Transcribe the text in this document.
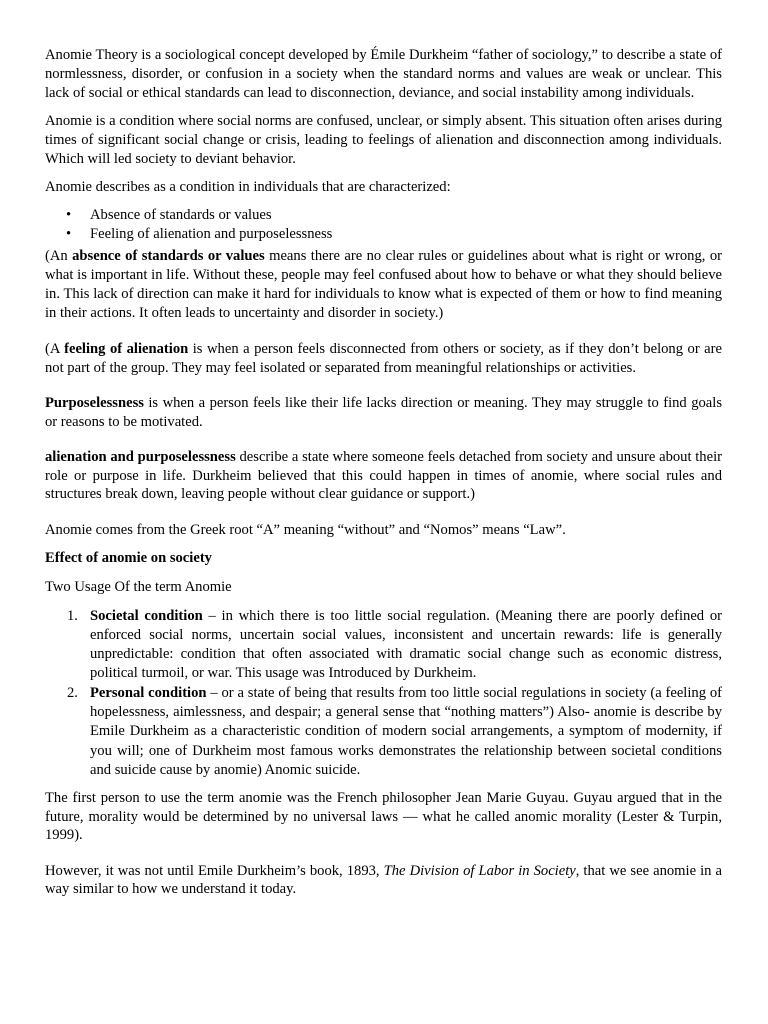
Anomie Theory is a sociological concept developed by Émile Durkheim “father of sociology,” to describe a state of normlessness, disorder, or confusion in a society when the standard norms and values are weak or unclear. This lack of social or ethical standards can lead to disconnection, deviance, and social instability among individuals.

Anomie is a condition where social norms are confused, unclear, or simply absent. This situation often arises during times of significant social change or crisis, leading to feelings of alienation and disconnection among individuals. Which will led society to deviant behavior.

Anomie describes as a condition in individuals that are characterized:

• Absence of standards or values
• Feeling of alienation and purposelessness

(An absence of standards or values means there are no clear rules or guidelines about what is right or wrong, or what is important in life. Without these, people may feel confused about how to behave or what they should believe in. This lack of direction can make it hard for individuals to know what is expected of them or how to find meaning in their actions. It often leads to uncertainty and disorder in society.)

(A feeling of alienation is when a person feels disconnected from others or society, as if they don’t belong or are not part of the group. They may feel isolated or separated from meaningful relationships or activities.

Purposelessness is when a person feels like their life lacks direction or meaning. They may struggle to find goals or reasons to be motivated.

alienation and purposelessness describe a state where someone feels detached from society and unsure about their role or purpose in life. Durkheim believed that this could happen in times of anomie, where social rules and structures break down, leaving people without clear guidance or support.)

Anomie comes from the Greek root “A” meaning “without” and “Nomos” means “Law”.

Effect of anomie on society

Two Usage Of the term Anomie

1. Societal condition – in which there is too little social regulation. (Meaning there are poorly defined or enforced social norms, uncertain social values, inconsistent and uncertain rewards: life is generally unpredictable: condition that often associated with dramatic social change such as economic distress, political turmoil, or war. This usage was Introduced by Durkheim.
2. Personal condition – or a state of being that results from too little social regulations in society (a feeling of hopelessness, aimlessness, and despair; a general sense that “nothing matters”) Also- anomie is describe by Emile Durkheim as a characteristic condition of modern social arrangements, a symptom of modernity, if you will; one of Durkheim most famous works demonstrates the relationship between societal conditions and suicide cause by anomie) Anomic suicide.

The first person to use the term anomie was the French philosopher Jean Marie Guyau. Guyau argued that in the future, morality would be determined by no universal laws — what he called anomic morality (Lester & Turpin, 1999).

However, it was not until Emile Durkheim’s book, 1893, The Division of Labor in Society, that we see anomie in a way similar to how we understand it today.
